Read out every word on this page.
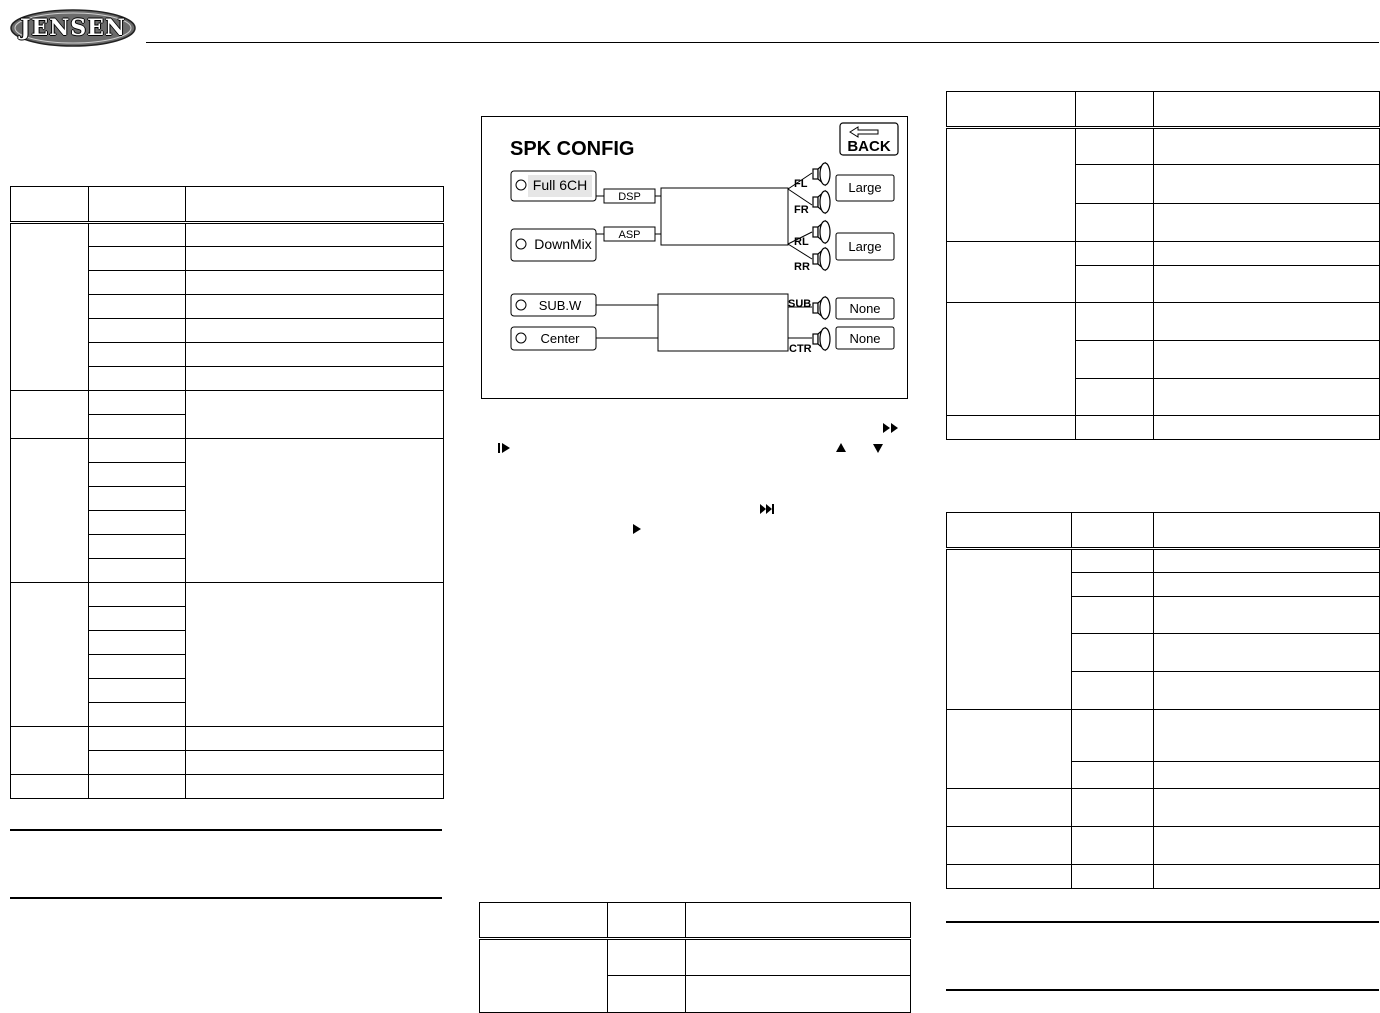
JENSEN

SPK CONFIG	BACK
Full 6CH
DownMix
SUB.W
Center
DSP
ASP
FL
FR
RL
RR
SUB
CTR
Large
Large
None
None
